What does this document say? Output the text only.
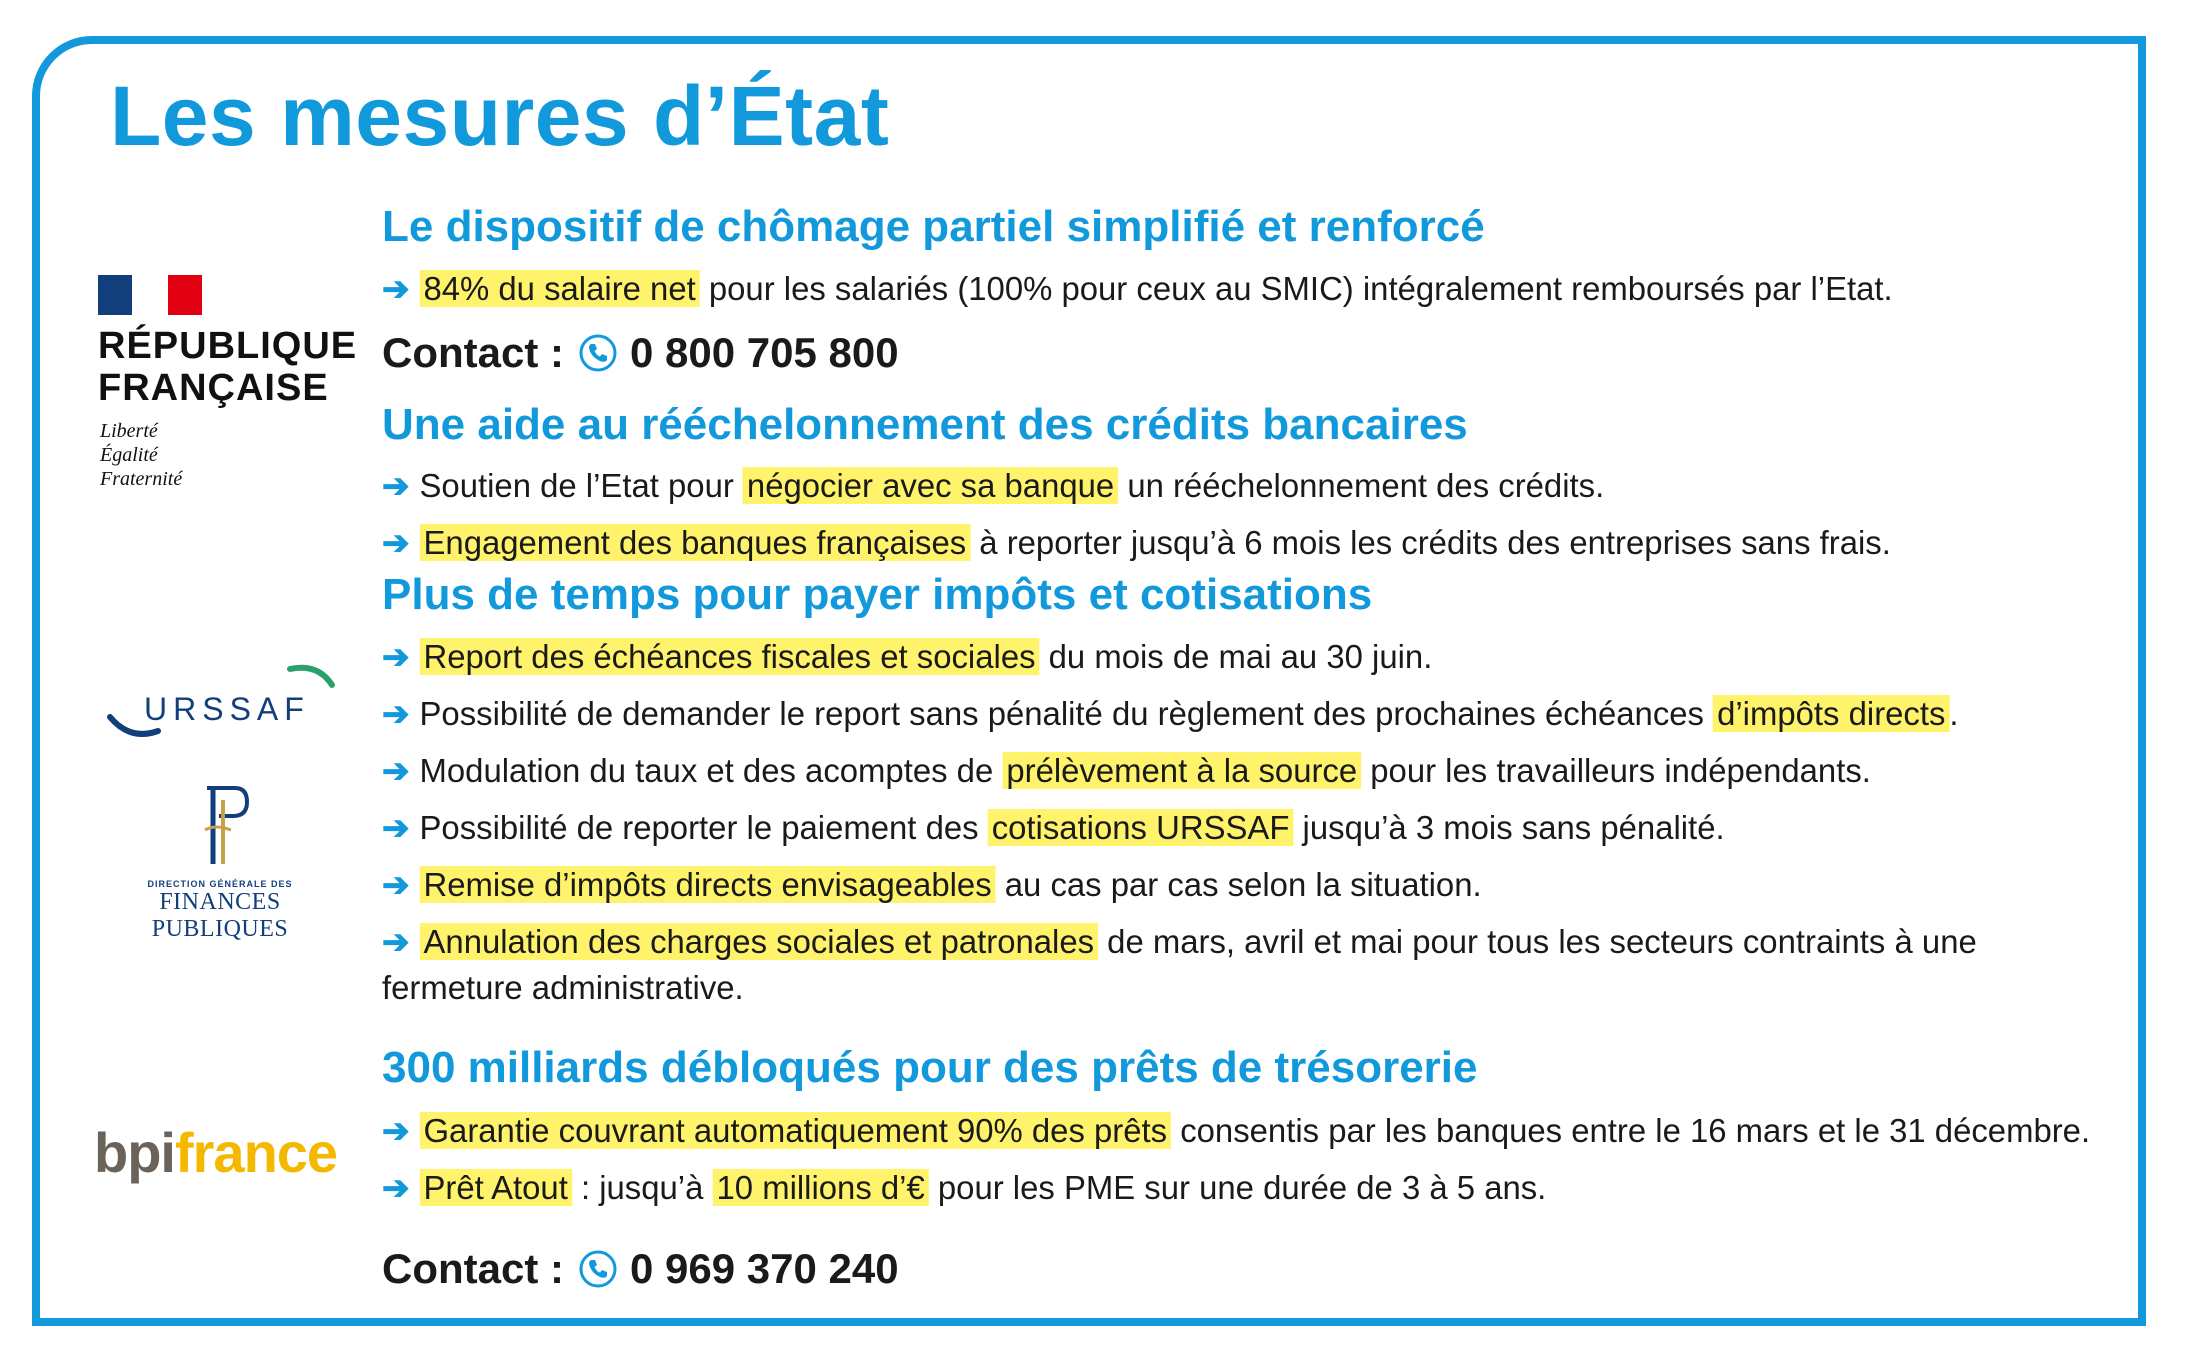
Les mesures d’État
RÉPUBLIQUE
FRANÇAISE
Liberté
Égalité
Fraternité
URSSAF
DIRECTION GÉNÉRALE DES
FINANCES PUBLIQUES
bpifrance
Le dispositif de chômage partiel simplifié et renforcé

➔ 84% du salaire net pour les salariés (100% pour ceux au SMIC) intégralement remboursés par l’Etat.

Contact : 0 800 705 800
Une aide au rééchelonnement des crédits bancaires

➔ Soutien de l’Etat pour négocier avec sa banque un rééchelonnement des crédits.

➔ Engagement des banques françaises à reporter jusqu’à 6 mois les crédits des entreprises sans frais.

Plus de temps pour payer impôts et cotisations

➔ Report des échéances fiscales et sociales du mois de mai au 30 juin.

➔ Possibilité de demander le report sans pénalité du règlement des prochaines échéances d’impôts directs .

➔ Modulation du taux et des acomptes de prélèvement à la source pour les travailleurs indépendants.

➔ Possibilité de reporter le paiement des cotisations URSSAF jusqu’à 3 mois sans pénalité.

➔ Remise d’impôts directs envisageables au cas par cas selon la situation.

➔ Annulation des charges sociales et patronales de mars, avril et mai pour tous les secteurs contraints à une fermeture administrative.

300 milliards débloqués pour des prêts de trésorerie

➔ Garantie couvrant automatiquement 90% des prêts consentis par les banques entre le 16 mars et le 31 décembre.

➔ Prêt Atout : jusqu’à 10 millions d’€ pour les PME sur une durée de 3 à 5 ans.

Contact : 0 969 370 240
